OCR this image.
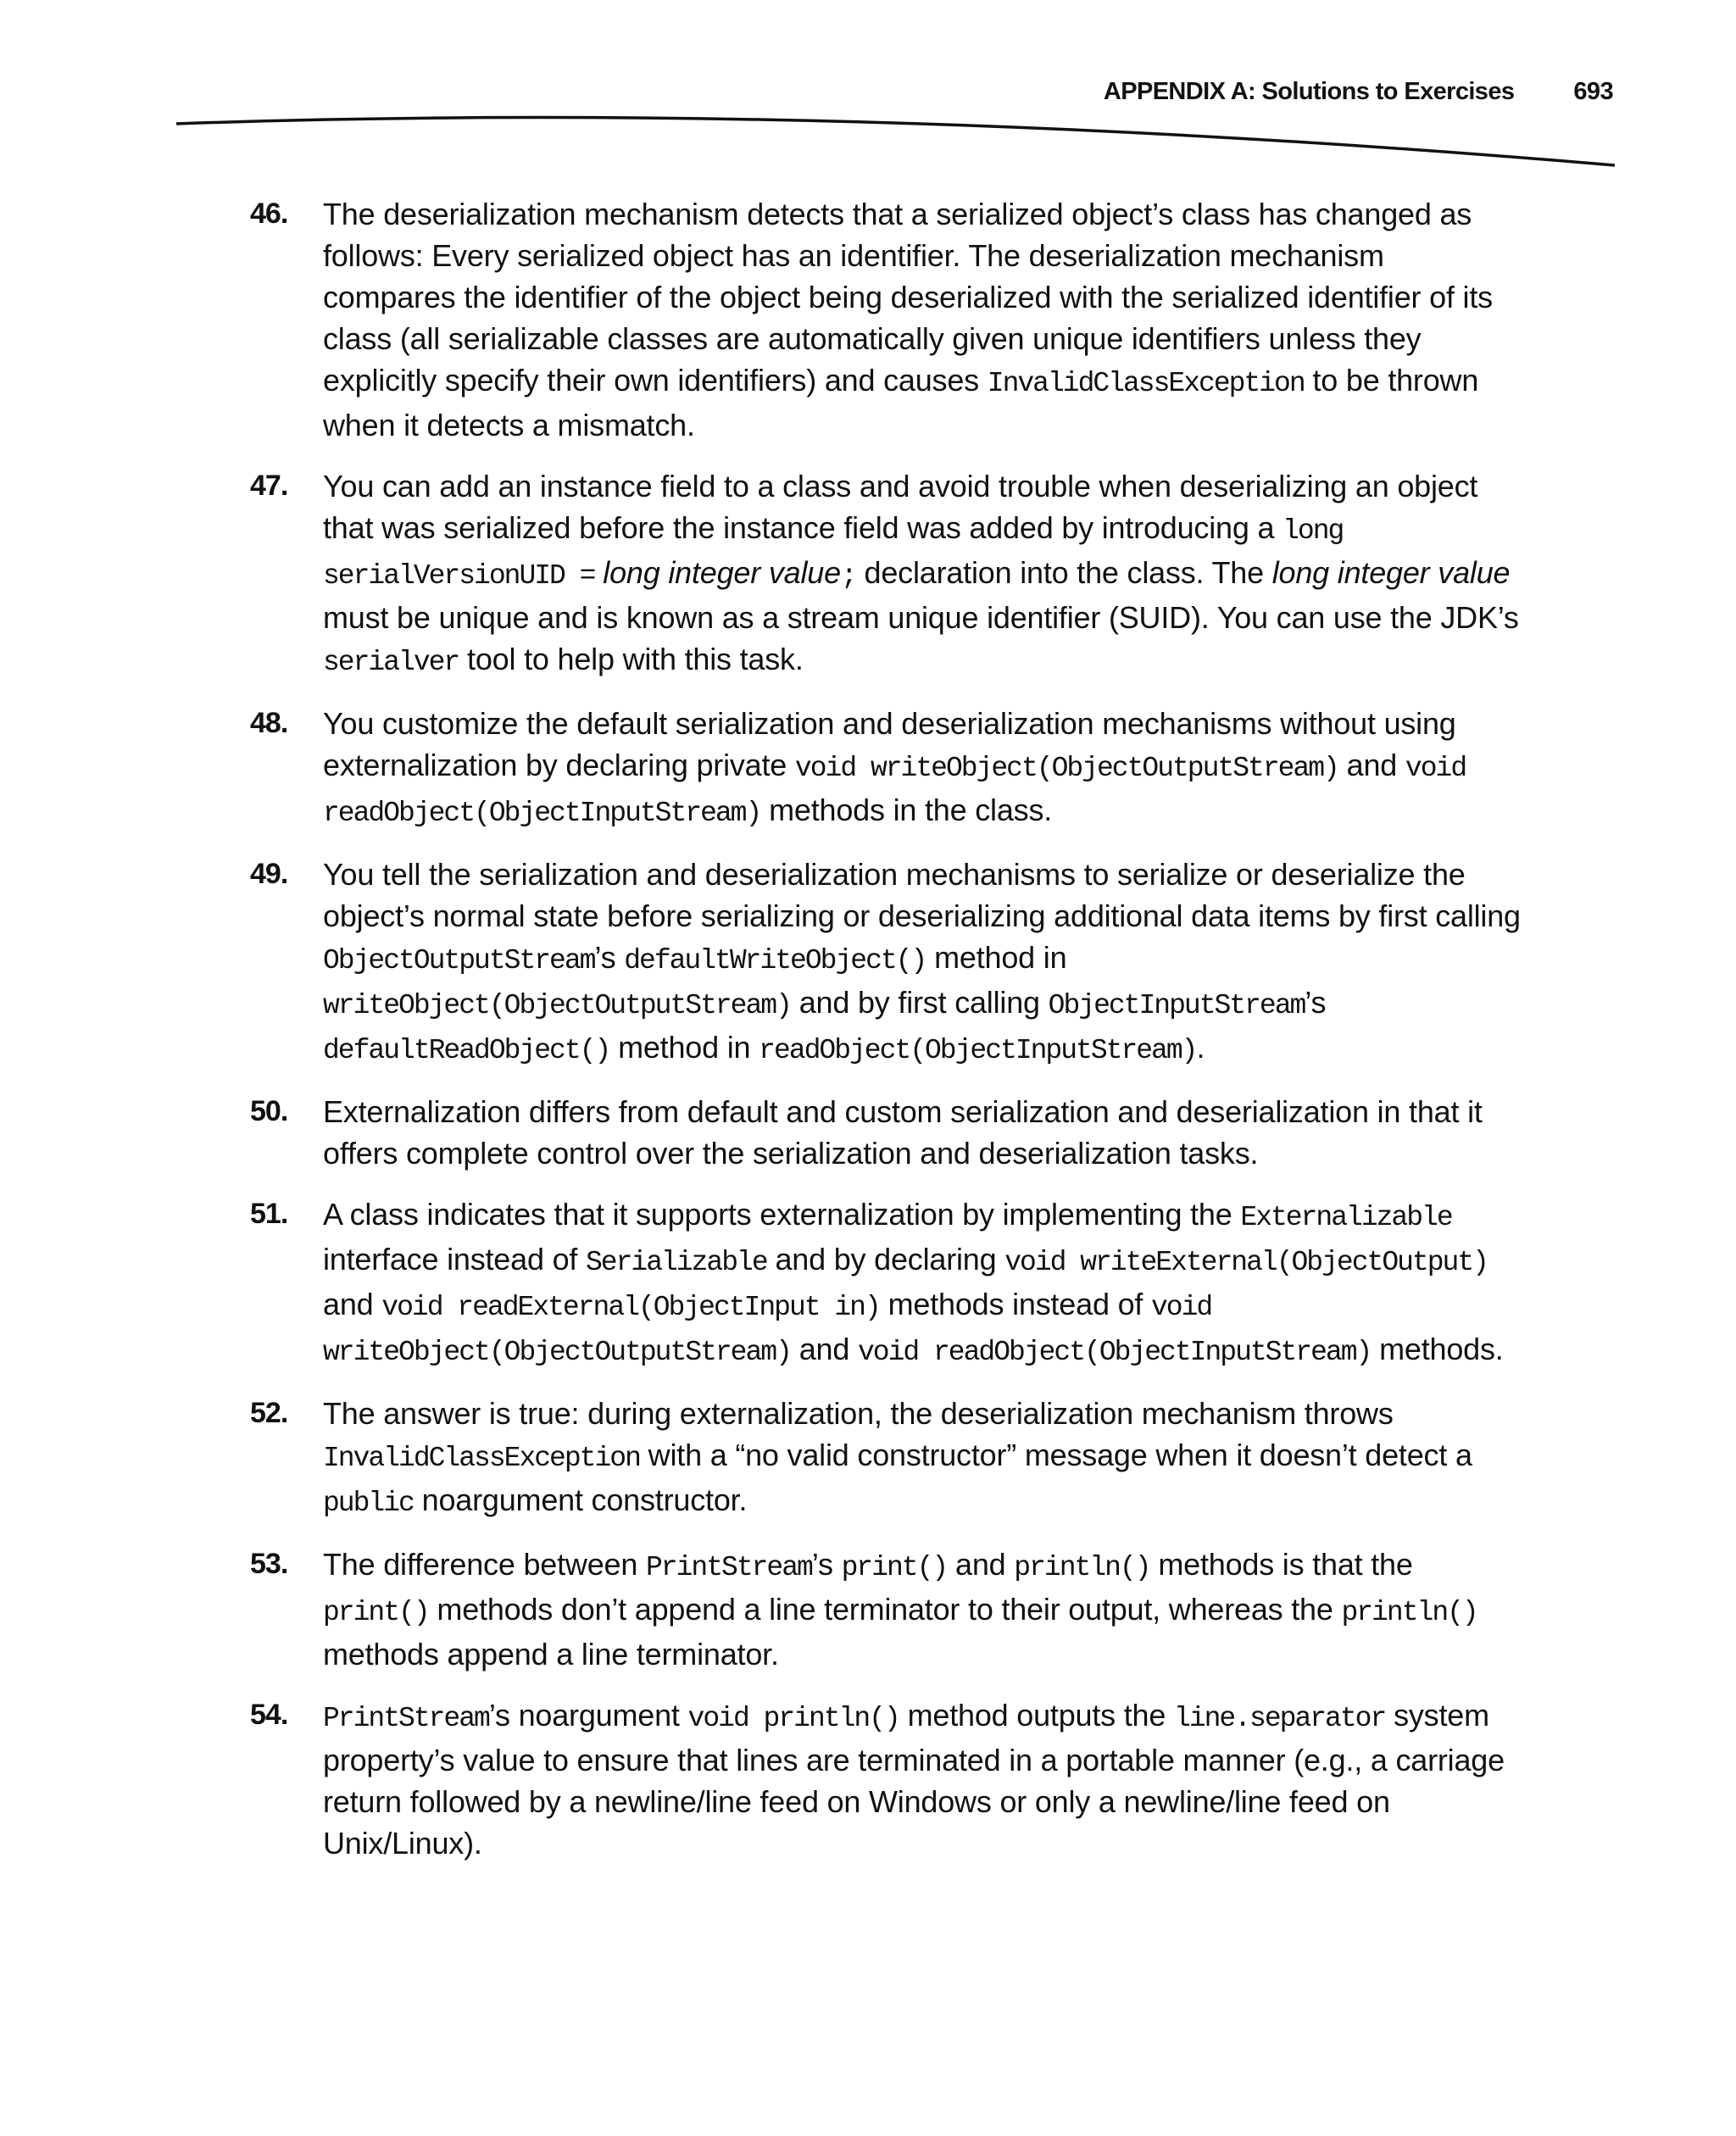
APPENDIX A: Solutions to Exercises 693
46.	The deserialization mechanism detects that a serialized object’s class has changed as follows: Every serialized object has an identifier. The deserialization mechanism compares the identifier of the object being deserialized with the serialized identifier of its class (all serializable classes are automatically given unique identifiers unless they explicitly specify their own identifiers) and causes InvalidClassException to be thrown when it detects a mismatch.
47.	You can add an instance field to a class and avoid trouble when deserializing an object that was serialized before the instance field was added by introducing a long serialVersionUID = long integer value; declaration into the class. The long integer value must be unique and is known as a stream unique identifier (SUID). You can use the JDK’s serialver tool to help with this task.
48.	You customize the default serialization and deserialization mechanisms without using externalization by declaring private void writeObject(ObjectOutputStream) and void readObject(ObjectInputStream) methods in the class.
49.	You tell the serialization and deserialization mechanisms to serialize or deserialize the object’s normal state before serializing or deserializing additional data items by first calling ObjectOutputStream’s defaultWriteObject() method in writeObject(ObjectOutputStream) and by first calling ObjectInputStream’s defaultReadObject() method in readObject(ObjectInputStream).
50.	Externalization differs from default and custom serialization and deserialization in that it offers complete control over the serialization and deserialization tasks.
51.	A class indicates that it supports externalization by implementing the Externalizable interface instead of Serializable and by declaring void writeExternal(ObjectOutput) and void readExternal(ObjectInput in) methods instead of void writeObject(ObjectOutputStream) and void readObject(ObjectInputStream) methods.
52.	The answer is true: during externalization, the deserialization mechanism throws InvalidClassException with a “no valid constructor” message when it doesn’t detect a public noargument constructor.
53.	The difference between PrintStream’s print() and println() methods is that the print() methods don’t append a line terminator to their output, whereas the println() methods append a line terminator.
54.	PrintStream’s noargument void println() method outputs the line.separator system property’s value to ensure that lines are terminated in a portable manner (e.g., a carriage return followed by a newline/line feed on Windows or only a newline/line feed on Unix/Linux).
